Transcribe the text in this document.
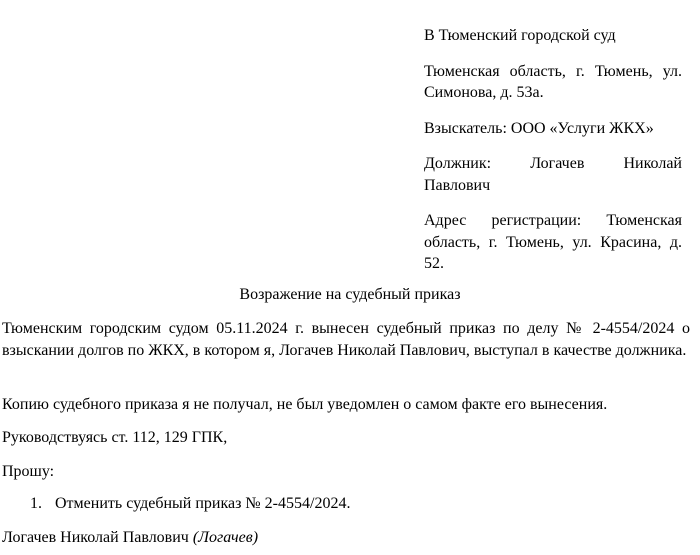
В Тюменский городской суд

Тюменская область, г. Тюмень, ул. Симонова, д. 53а.

Взыскатель: ООО «Услуги ЖКХ»

Должник: Логачев Николай
Павлович

Адрес регистрации: Тюменская область, г. Тюмень, ул. Красина, д. 52.

Возражение на судебный приказ

Тюменским городским судом 05.11.2024 г. вынесен судебный приказ по делу № 2-4554/2024 о взыскании долгов по ЖКХ, в котором я, Логачев Николай Павлович, выступал в качестве должника.

Копию судебного приказа я не получал, не был уведомлен о самом факте его вынесения.

Руководствуясь ст. 112, 129 ГПК,

Прошу:

1. Отменить судебный приказ № 2-4554/2024.
Логачев Николай Павлович (Логачев)
